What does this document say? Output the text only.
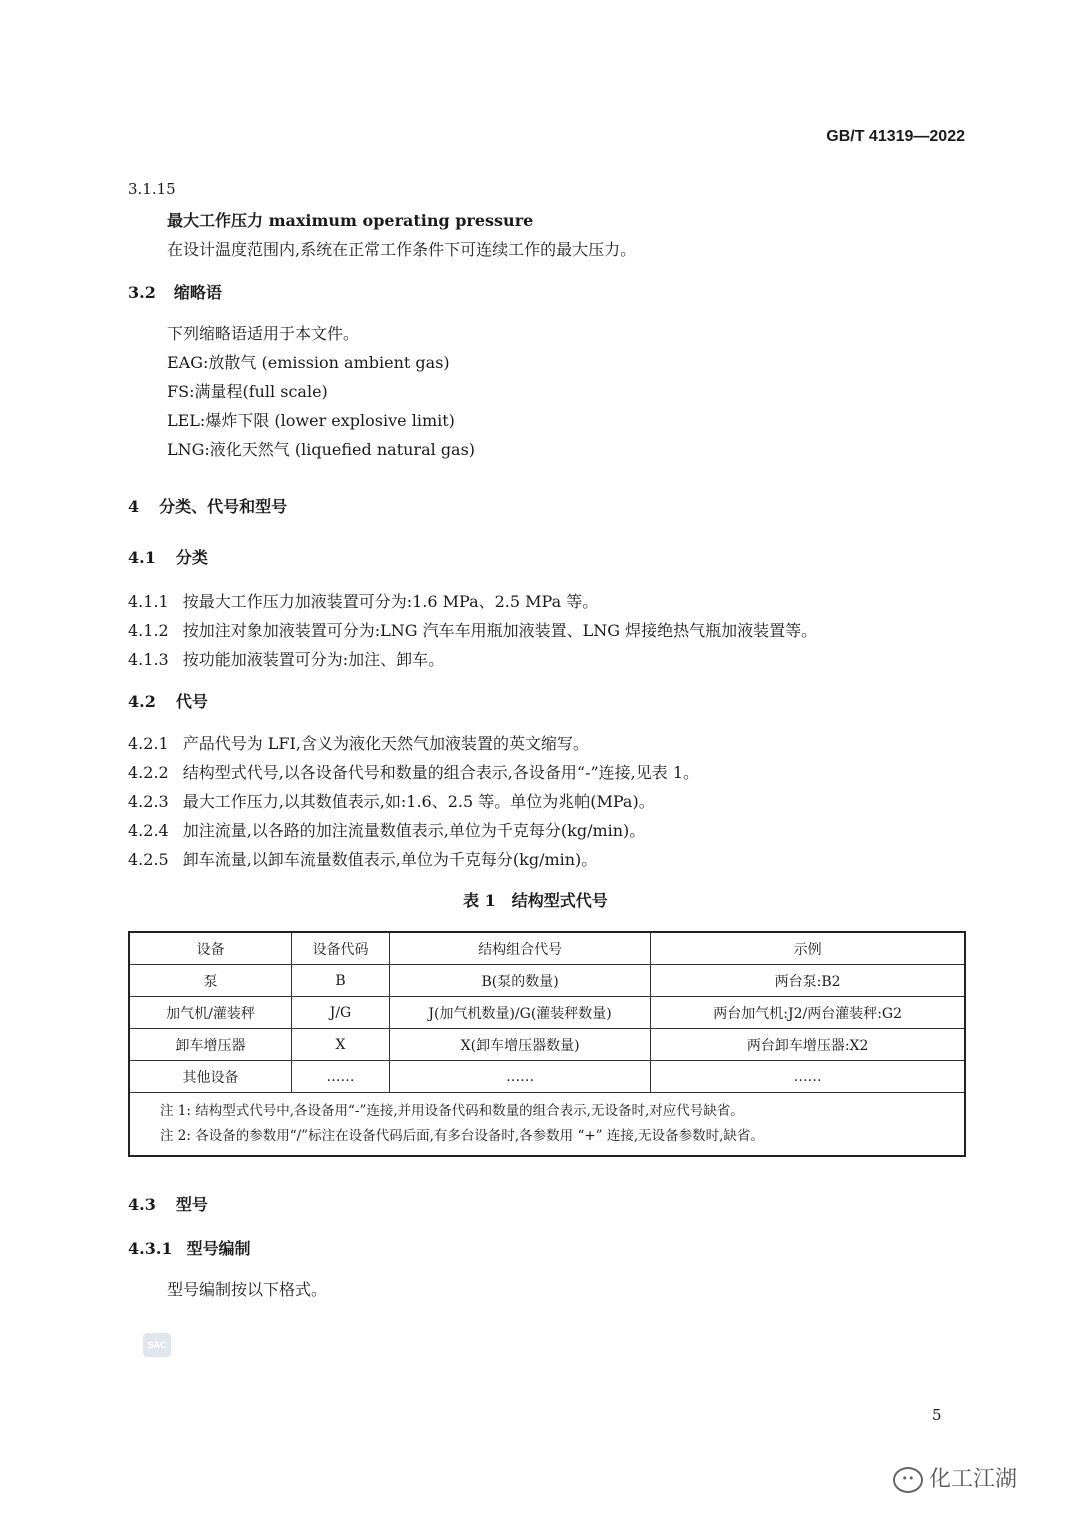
GB/T 41319—2022
3.1.15
最大工作压力 maximum operating pressure
在设计温度范围内,系统在正常工作条件下可连续工作的最大压力。
3.2 缩略语
下列缩略语适用于本文件。
EAG:放散气 (emission ambient gas)
FS:满量程(full scale)
LEL:爆炸下限 (lower explosive limit)
LNG:液化天然气 (liquefied natural gas)
4 分类、代号和型号
4.1 分类
4.1.1 按最大工作压力加液装置可分为:1.6 MPa、2.5 MPa 等。
4.1.2 按加注对象加液装置可分为:LNG 汽车车用瓶加液装置、LNG 焊接绝热气瓶加液装置等。
4.1.3 按功能加液装置可分为:加注、卸车。
4.2 代号
4.2.1 产品代号为 LFI,含义为液化天然气加液装置的英文缩写。
4.2.2 结构型式代号,以各设备代号和数量的组合表示,各设备用“-”连接,见表 1。
4.2.3 最大工作压力,以其数值表示,如:1.6、2.5 等。单位为兆帕(MPa)。
4.2.4 加注流量,以各路的加注流量数值表示,单位为千克每分(kg/min)。
4.2.5 卸车流量,以卸车流量数值表示,单位为千克每分(kg/min)。
表 1　结构型式代号
设备	设备代码	结构组合代号	示例
泵	B	B(泵的数量)	两台泵:B2
加气机/灌装秤	J/G	J(加气机数量)/G(灌装秤数量)	两台加气机:J2/两台灌装秤:G2
卸车增压器	X	X(卸车增压器数量)	两台卸车增压器:X2
其他设备	……	……	……

注 1: 结构型式代号中,各设备用“-”连接,并用设备代码和数量的组合表示,无设备时,对应代号缺省。
注 2: 各设备的参数用“/”标注在设备代码后面,有多台设备时,各参数用 “+” 连接,无设备参数时,缺省。			
4.3 型号
4.3.1 型号编制
型号编制按以下格式。
SAC
5
•• 化工江湖
